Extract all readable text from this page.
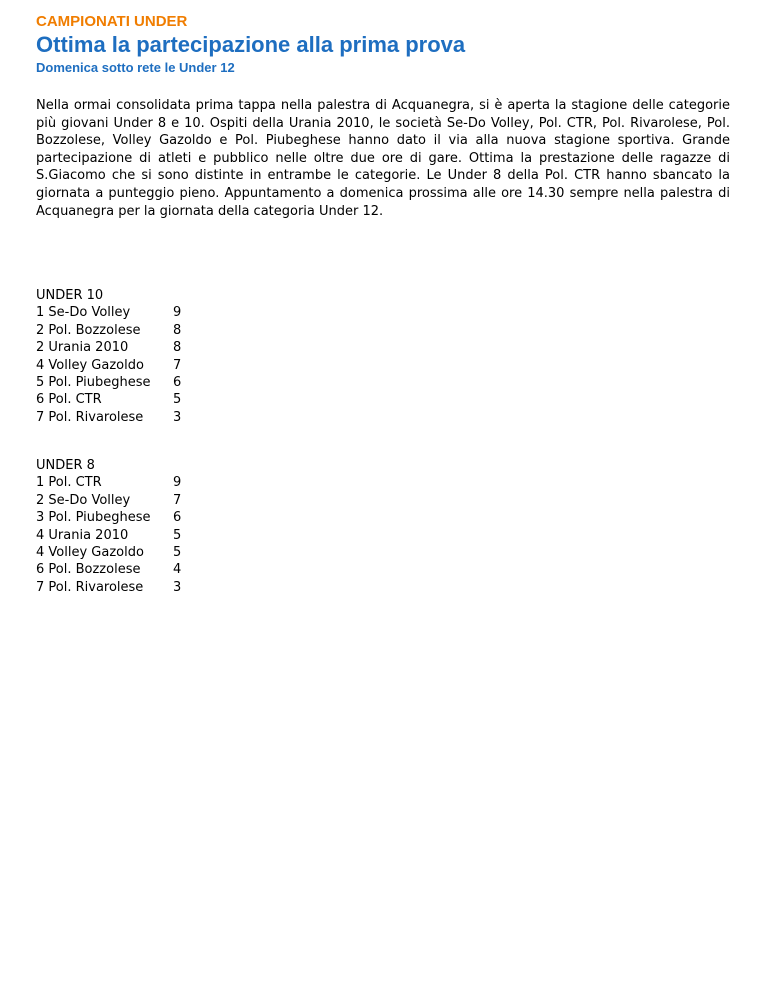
CAMPIONATI UNDER
Ottima la partecipazione alla prima prova
Domenica sotto rete le Under 12

Nella ormai consolidata prima tappa nella palestra di Acquanegra, si è aperta la stagione delle categorie più giovani Under 8 e 10. Ospiti della Urania 2010, le società Se-Do Volley, Pol. CTR, Pol. Rivarolese, Pol. Bozzolese, Volley Gazoldo e Pol. Piubeghese hanno dato il via alla nuova stagione sportiva. Grande partecipazione di atleti e pubblico nelle oltre due ore di gare. Ottima la prestazione delle ragazze di S.Giacomo che si sono distinte in entrambe le categorie. Le Under 8 della Pol. CTR hanno sbancato la giornata a punteggio pieno. Appuntamento a domenica prossima alle ore 14.30 sempre nella palestra di Acquanegra per la giornata della categoria Under 12.

UNDER 10
1 Se-Do Volley	9
2 Pol. Bozzolese	8
2 Urania 2010	8
4 Volley Gazoldo	7
5 Pol. Piubeghese	6
6 Pol. CTR	5
7 Pol. Rivarolese	3
UNDER 8
1 Pol. CTR	9
2 Se-Do Volley	7
3 Pol. Piubeghese	6
4 Urania 2010	5
4 Volley Gazoldo	5
6 Pol. Bozzolese	4
7 Pol. Rivarolese	3
